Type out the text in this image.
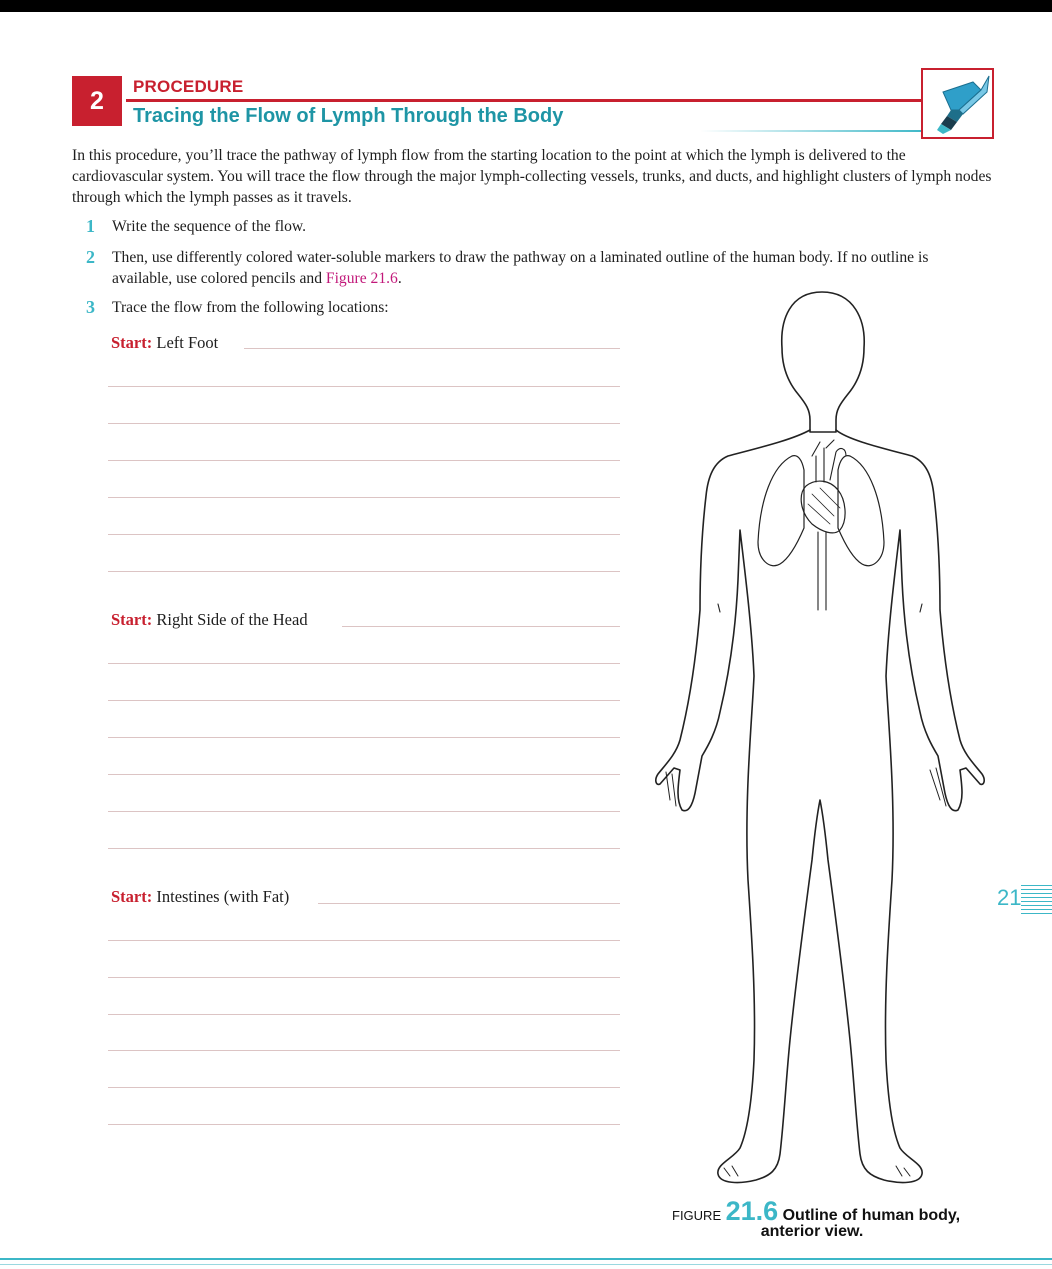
2	PROCEDURE
Tracing the Flow of Lymph Through the Body
In this procedure, you’ll trace the pathway of lymph flow from the starting location to the point at which the lymph is delivered to the cardiovascular system. You will trace the flow through the major lymph-collecting vessels, trunks, and ducts, and highlight clusters of lymph nodes through which the lymph passes as it travels.
1 Write the sequence of the flow.
2 Then, use differently colored water-soluble markers to draw the pathway on a laminated outline of the human body. If no outline is available, use colored pencils and Figure 21.6.
3 Trace the flow from the following locations:
Start: Left Foot
Start: Right Side of the Head
Start: Intestines (with Fat)
FIGURE 21.6 Outline of human body,
anterior view.
21
